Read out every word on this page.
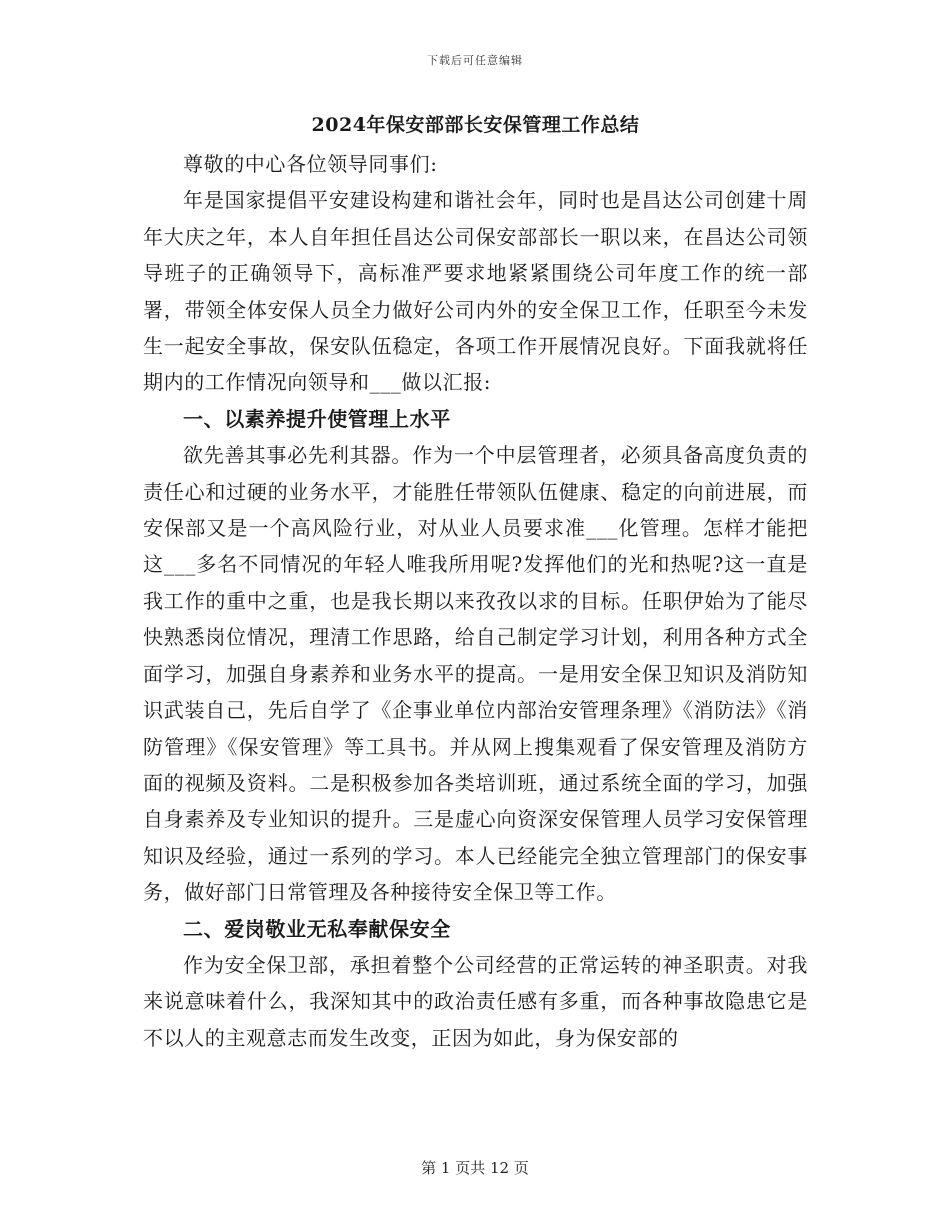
下载后可任意编辑
2024年保安部部长安保管理工作总结

尊敬的中心各位领导同事们:

年是国家提倡平安建设构建和谐社会年，同时也是昌达公司创建十周年大庆之年，本人自年担任昌达公司保安部部长一职以来，在昌达公司领导班子的正确领导下，高标准严要求地紧紧围绕公司年度工作的统一部署，带领全体安保人员全力做好公司内外的安全保卫工作，任职至今未发生一起安全事故，保安队伍稳定，各项工作开展情况良好。下面我就将任期内的工作情况向领导和___做以汇报:

一、以素养提升使管理上水平

欲先善其事必先利其器。作为一个中层管理者，必须具备高度负责的责任心和过硬的业务水平，才能胜任带领队伍健康、稳定的向前进展，而安保部又是一个高风险行业，对从业人员要求准___化管理。怎样才能把这___多名不同情况的年轻人唯我所用呢?发挥他们的光和热呢?这一直是我工作的重中之重，也是我长期以来孜孜以求的目标。任职伊始为了能尽快熟悉岗位情况，理清工作思路，给自己制定学习计划，利用各种方式全面学习，加强自身素养和业务水平的提高。一是用安全保卫知识及消防知识武装自己，先后自学了《企事业单位内部治安管理条理》《消防法》《消防管理》《保安管理》等工具书。并从网上搜集观看了保安管理及消防方面的视频及资料。二是积极参加各类培训班，通过系统全面的学习，加强自身素养及专业知识的提升。三是虚心向资深安保管理人员学习安保管理知识及经验，通过一系列的学习。本人已经能完全独立管理部门的保安事务，做好部门日常管理及各种接待安全保卫等工作。

二、爱岗敬业无私奉献保安全

作为安全保卫部，承担着整个公司经营的正常运转的神圣职责。对我来说意味着什么，我深知其中的政治责任感有多重，而各种事故隐患它是不以人的主观意志而发生改变，正因为如此，身为保安部的

第 1 页共 12 页
